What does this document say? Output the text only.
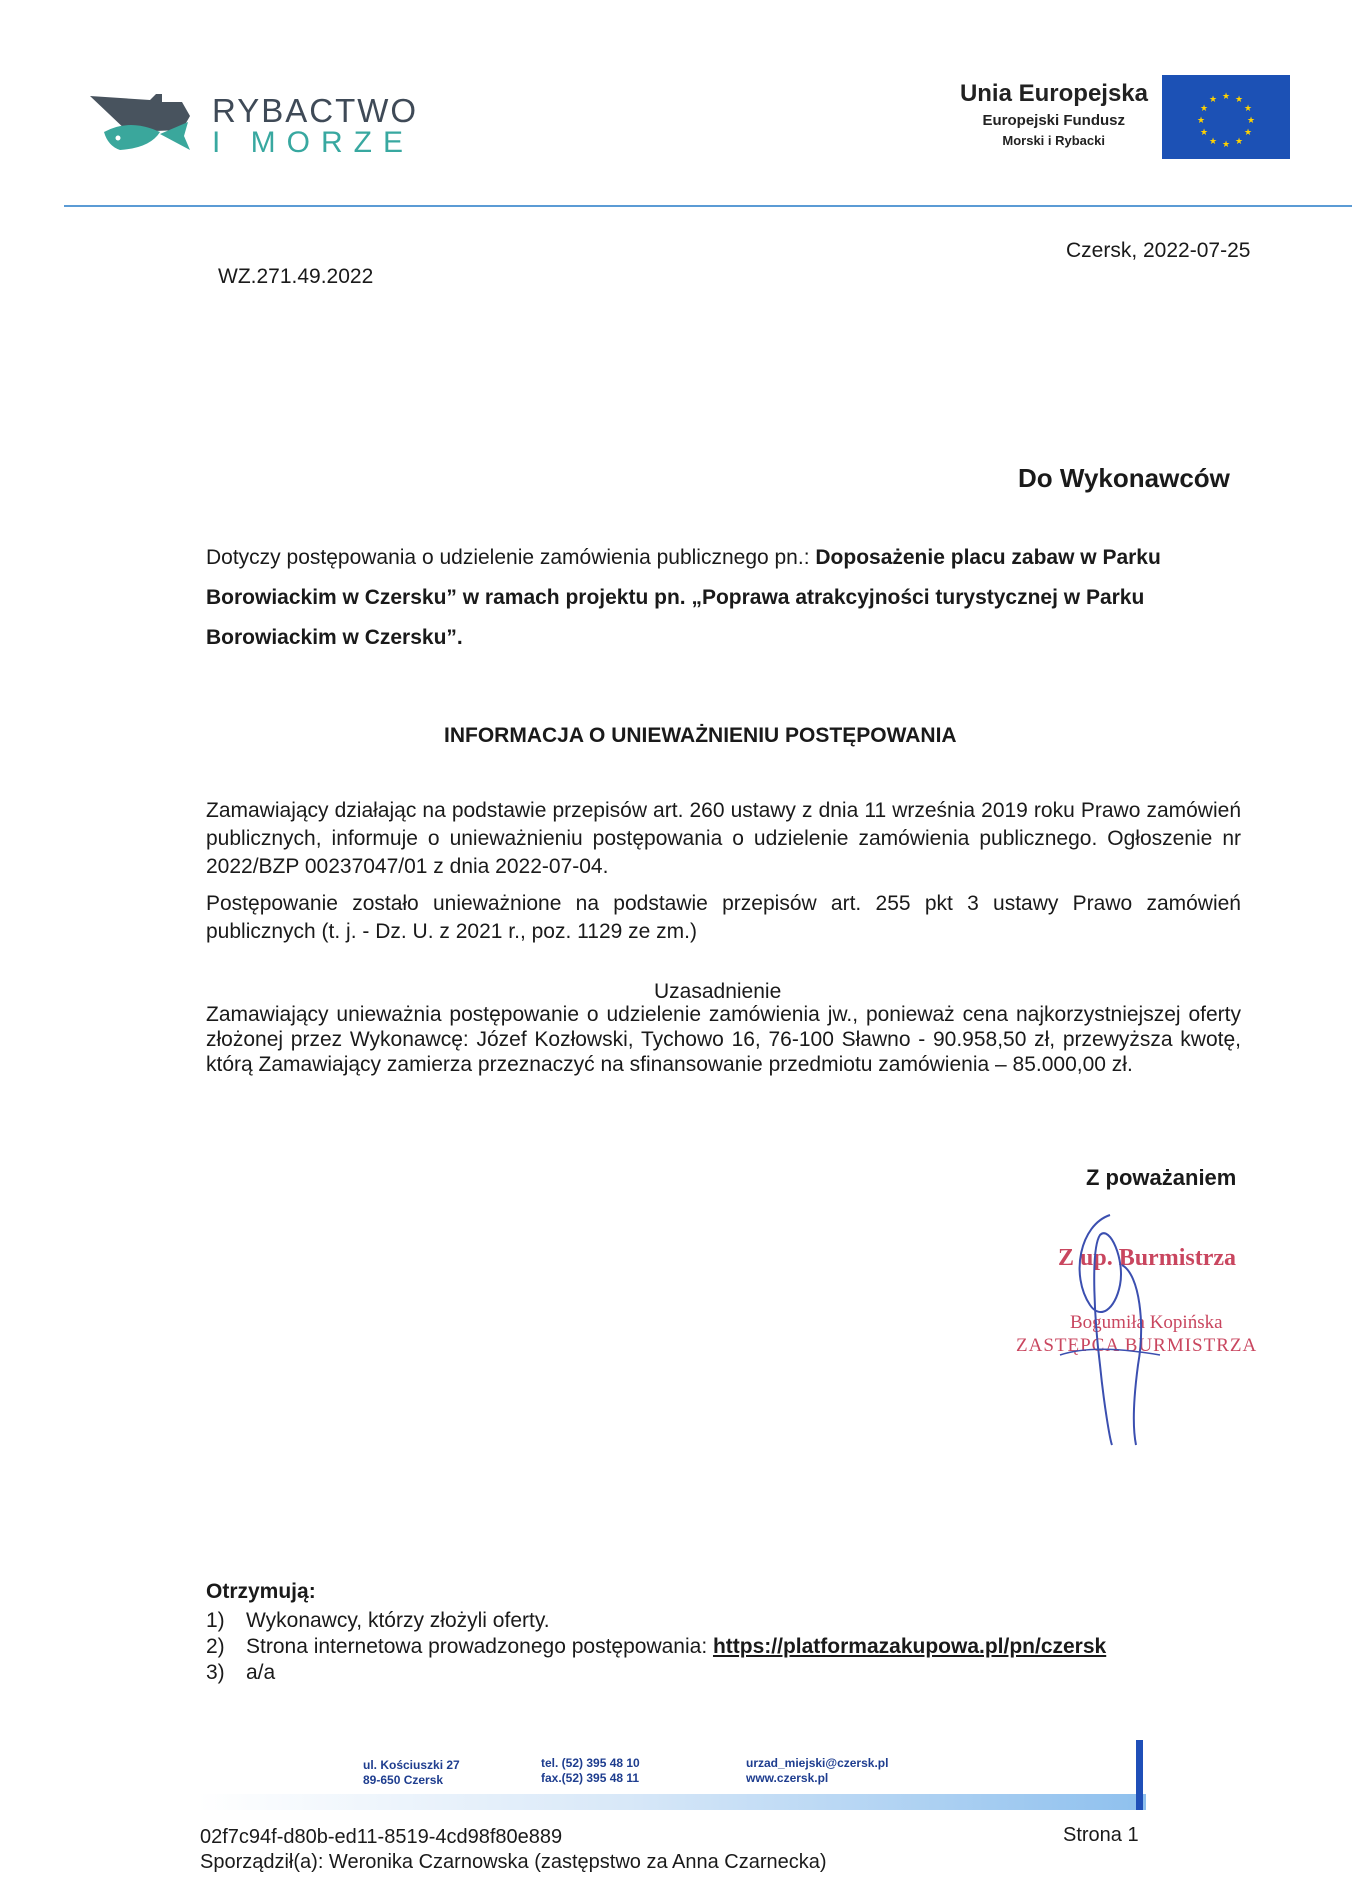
RYBACTWO
I MORZE
Unia Europejska
Europejski Fundusz
Morski i Rybacki
★ ★
★
★
★
★
★
★
★
★
★
★
WZ.271.49.2022
Czersk, 2022-07-25
Do Wykonawców
Dotyczy postępowania o udzielenie zamówienia publicznego pn.: Doposażenie placu zabaw w Parku Borowiackim w Czersku” w ramach projektu pn. „Poprawa atrakcyjności turystycznej w Parku Borowiackim w Czersku”.
INFORMACJA O UNIEWAŻNIENIU POSTĘPOWANIA
Zamawiający działając na podstawie przepisów art. 260 ustawy z dnia 11 września 2019 roku Prawo zamówień publicznych, informuje o unieważnieniu postępowania o udzielenie zamówienia publicznego. Ogłoszenie nr 2022/BZP 00237047/01 z dnia 2022-07-04.
Postępowanie zostało unieważnione na podstawie przepisów art. 255 pkt 3 ustawy Prawo zamówień publicznych (t. j. - Dz. U. z 2021 r., poz. 1129 ze zm.)
Uzasadnienie
Zamawiający unieważnia postępowanie o udzielenie zamówienia jw., ponieważ cena najkorzystniejszej oferty złożonej przez Wykonawcę: Józef Kozłowski, Tychowo 16, 76-100 Sławno - 90.958,50 zł, przewyższa kwotę, którą Zamawiający zamierza przeznaczyć na sfinansowanie przedmiotu zamówienia – 85.000,00 zł.
Z poważaniem
Z up. Burmistrza
Bogumiła Kopińska
ZASTĘPCA BURMISTRZA
Otrzymują:
1) Wykonawcy, którzy złożyli oferty.
2) Strona internetowa prowadzonego postępowania: https://platformazakupowa.pl/pn/czersk
3) a/a
ul. Kościuszki 27
89-650 Czersk
tel. (52) 395 48 10
fax.(52) 395 48 11
urzad_miejski@czersk.pl
www.czersk.pl
02f7c94f-d80b-ed11-8519-4cd98f80e889	Strona 1
Sporządził(a): Weronika Czarnowska (zastępstwo za Anna Czarnecka)
